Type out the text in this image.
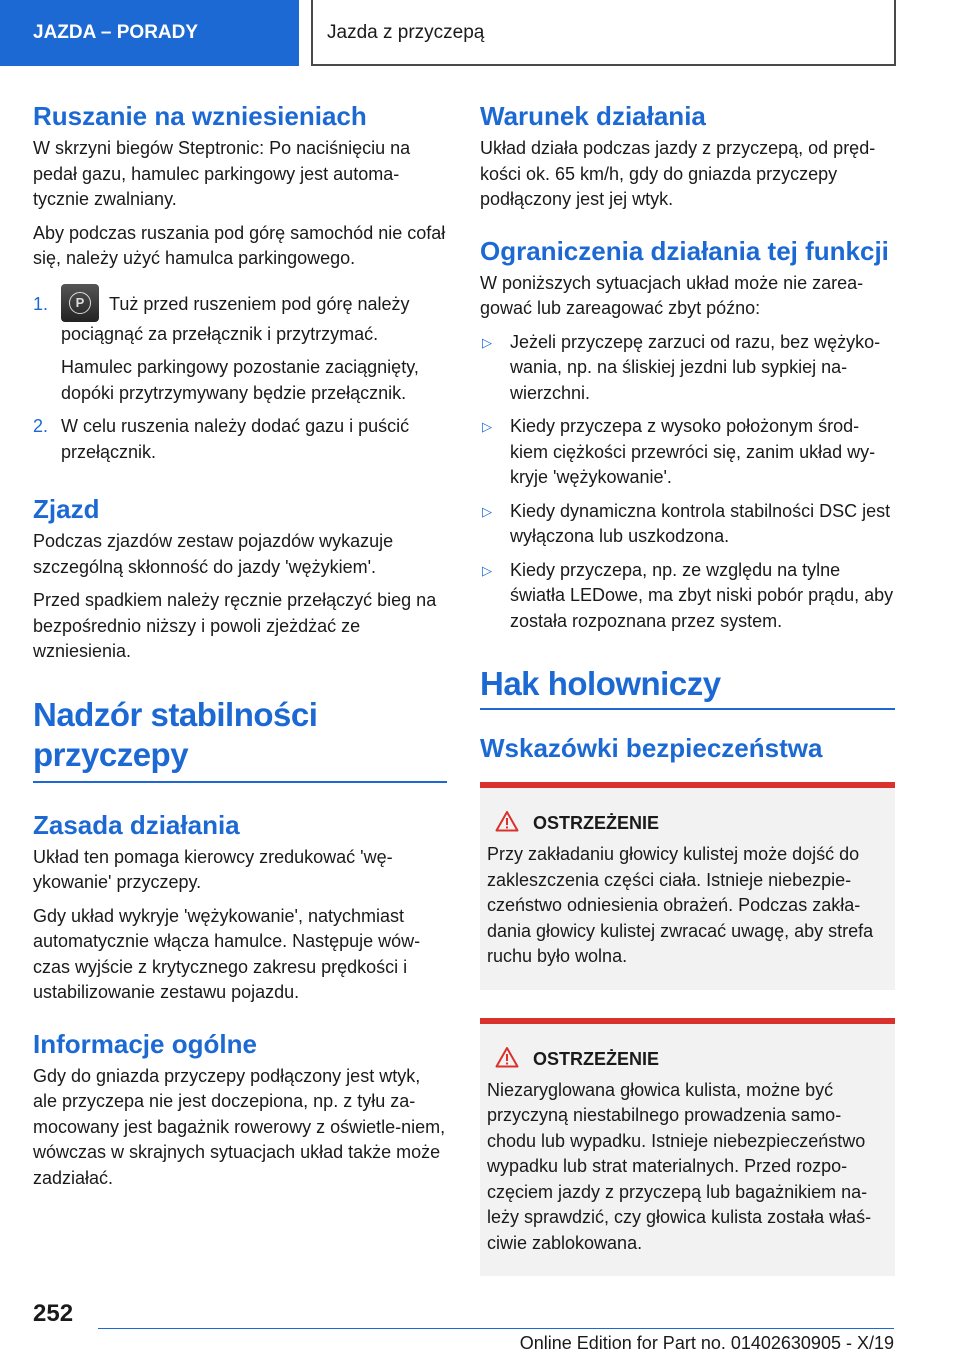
JAZDA – PORADY	Jazda z przyczepą
Ruszanie na wzniesieniach

W skrzyni biegów Steptronic: Po naciśnięciu na pedał gazu, hamulec parkingowy jest automa‐tycznie zwalniany.

Aby podczas ruszania pod górę samochód nie cofał się, należy użyć hamulca parkingowego.

1.	P	Tuż przed ruszeniem pod górę należy pociągnąć za przełącznik i przytrzymać.

Hamulec parkingowy pozostanie zaciągnięty, dopóki przytrzymywany będzie przełącznik.

2. W celu ruszenia należy dodać gazu i puścić przełącznik.

Zjazd

Podczas zjazdów zestaw pojazdów wykazuje szczególną skłonność do jazdy 'wężykiem'.

Przed spadkiem należy ręcznie przełączyć bieg na bezpośrednio niższy i powoli zjeżdżać ze wzniesienia.

Nadzór stabilności przyczepy
Zasada działania

Układ ten pomaga kierowcy zredukować 'wę‐ykowanie' przyczepy.

Gdy układ wykryje 'wężykowanie', natychmiast automatycznie włącza hamulce. Następuje wów‐czas wyjście z krytycznego zakresu prędkości i ustabilizowanie zestawu pojazdu.

Informacje ogólne

Gdy do gniazda przyczepy podłączony jest wtyk, ale przyczepa nie jest doczepiona, np. z tyłu za‐mocowany jest bagażnik rowerowy z oświetle‐niem, wówczas w skrajnych sytuacjach układ także może zadziałać.

Warunek działania

Układ działa podczas jazdy z przyczepą, od pręd‐kości ok. 65 km/h, gdy do gniazda przyczepy podłączony jest jej wtyk.

Ograniczenia działania tej funkcji

W poniższych sytuacjach układ może nie zarea‐gować lub zareagować zbyt późno:

▷ Jeżeli przyczepę zarzuci od razu, bez wężyko‐wania, np. na śliskiej jezdni lub sypkiej na‐wierzchni.
▷ Kiedy przyczepa z wysoko położonym środ‐kiem ciężkości przewróci się, zanim układ wy‐kryje 'wężykowanie'.
▷ Kiedy dynamiczna kontrola stabilności DSC jest wyłączona lub uszkodzona.
▷ Kiedy przyczepa, np. ze względu na tylne światła LEDowe, ma zbyt niski pobór prądu, aby została rozpoznana przez system.
Hak holowniczy
Wskazówki bezpieczeństwa
OSTRZEŻENIE

Przy zakładaniu głowicy kulistej może dojść do zakleszczenia części ciała. Istnieje niebezpie‐czeństwo odniesienia obrażeń. Podczas zakła‐dania głowicy kulistej zwracać uwagę, aby strefa ruchu było wolna.

OSTRZEŻENIE

Niezaryglowana głowica kulista, możne być przyczyną niestabilnego prowadzenia samo‐chodu lub wypadku. Istnieje niebezpieczeństwo wypadku lub strat materialnych. Przed rozpo‐częciem jazdy z przyczepą lub bagażnikiem na‐leży sprawdzić, czy głowica kulista została właś‐ciwie zablokowana.

252
Online Edition for Part no. 01402630905 - X/19
